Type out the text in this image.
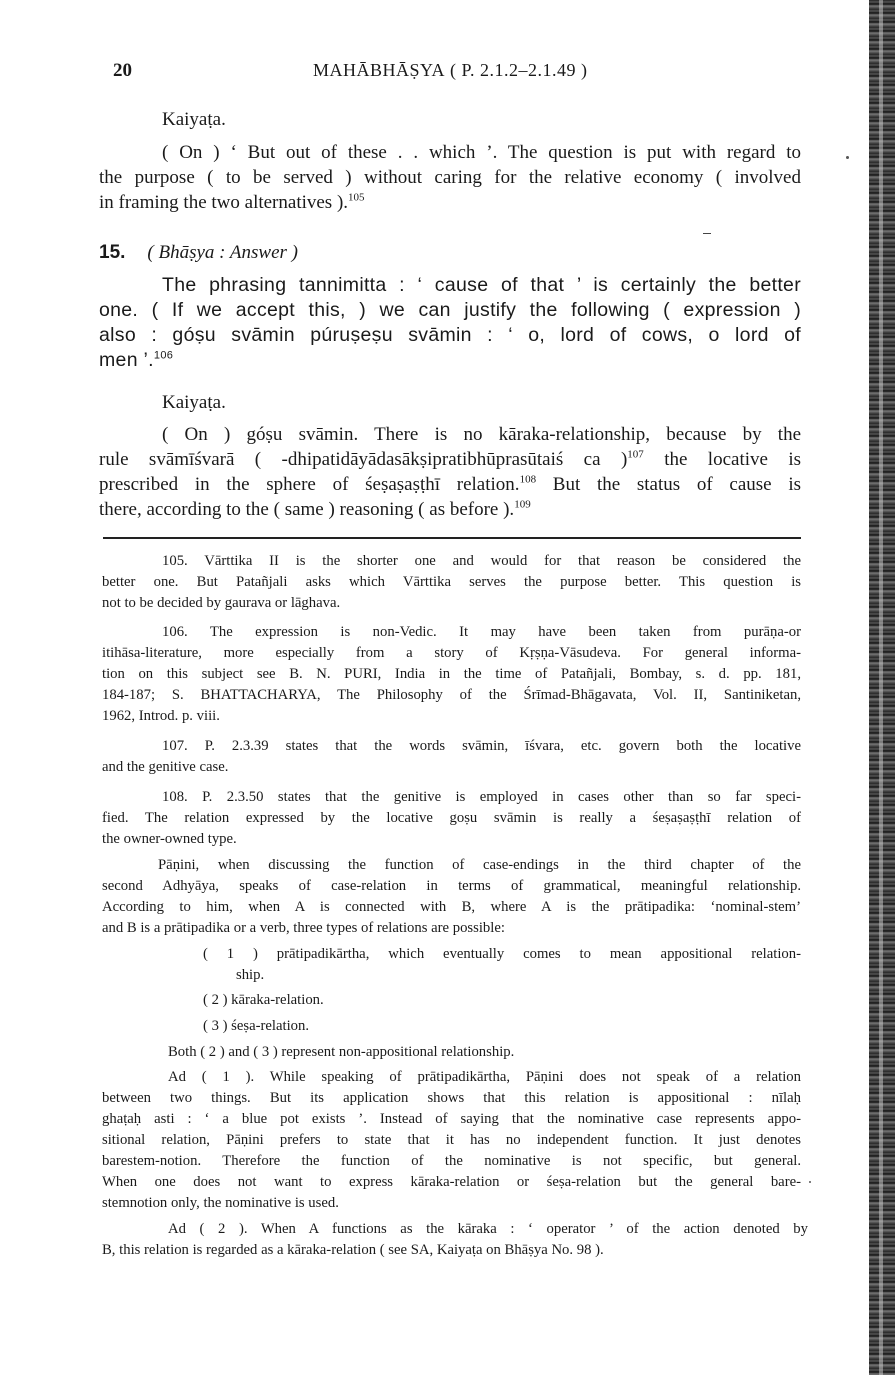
20	MAHĀBHĀṢYA ( P. 2.1.2–2.1.49 )
Kaiyaṭa.
( On ) ‘ But out of these . . which ’. The question is put with regard to
the purpose ( to be served ) without caring for the relative economy ( involved
in framing the two alternatives ).$^{105}$
15. ( Bhāṣya : Answer )
The phrasing tannimitta : ‘ cause of that ’ is certainly the better
one. ( If we accept this, ) we can justify the following ( expression )
also : góṣu svāmin púruṣeṣu svāmin : ‘ o, lord of cows, o lord of
men ’.$^{106}$
Kaiyaṭa.
( On ) góṣu svāmin. There is no kāraka-relationship, because by the
rule svāmīśvarā ( -dhipatidāyādasākṣipratibhūprasūtaiś ca )$^{107}$ the locative is
prescribed in the sphere of śeṣaṣaṣṭhī relation.$^{108}$ But the status of cause is
there, according to the ( same ) reasoning ( as before ).$^{109}$
105. Vārttika II is the shorter one and would for that reason be considered the
better one. But Patañjali asks which Vārttika serves the purpose better. This question is
not to be decided by gaurava or lāghava.
106. The expression is non-Vedic. It may have been taken from purāṇa-or
itihāsa-literature, more especially from a story of Kṛṣṇa-Vāsudeva. For general informa-
tion on this subject see B. N. PURI, India in the time of Patañjali, Bombay, s. d. pp. 181,
184-187; S. BHATTACHARYA, The Philosophy of the Śrīmad-Bhāgavata, Vol. II, Santiniketan,
1962, Introd. p. viii.
107. P. 2.3.39 states that the words svāmin, īśvara, etc. govern both the locative
and the genitive case.
108. P. 2.3.50 states that the genitive is employed in cases other than so far speci-
fied. The relation expressed by the locative goṣu svāmin is really a śeṣaṣaṣṭhī relation of
the owner-owned type.
Pāṇini, when discussing the function of case-endings in the third chapter of the
second Adhyāya, speaks of case-relation in terms of grammatical, meaningful relationship.
According to him, when A is connected with B, where A is the prātipadika: ‘nominal-stem’
and B is a prātipadika or a verb, three types of relations are possible:
( 1 ) prātipadikārtha, which eventually comes to mean appositional relation-
ship.
( 2 ) kāraka-relation.
( 3 ) śeṣa-relation.
Both ( 2 ) and ( 3 ) represent non-appositional relationship.
Ad ( 1 ). While speaking of prātipadikārtha, Pāṇini does not speak of a relation
between two things. But its application shows that this relation is appositional : nīlaḥ
ghaṭaḥ asti : ‘ a blue pot exists ’. Instead of saying that the nominative case represents appo-
sitional relation, Pāṇini prefers to state that it has no independent function. It just denotes
barestem-notion. Therefore the function of the nominative is not specific, but general.
When one does not want to express kāraka-relation or śeṣa-relation but the general bare-
stemnotion only, the nominative is used.
Ad ( 2 ). When A functions as the kāraka : ‘ operator ’ of the action denoted by
B, this relation is regarded as a kāraka-relation ( see SA, Kaiyaṭa on Bhāṣya No. 98 ).
